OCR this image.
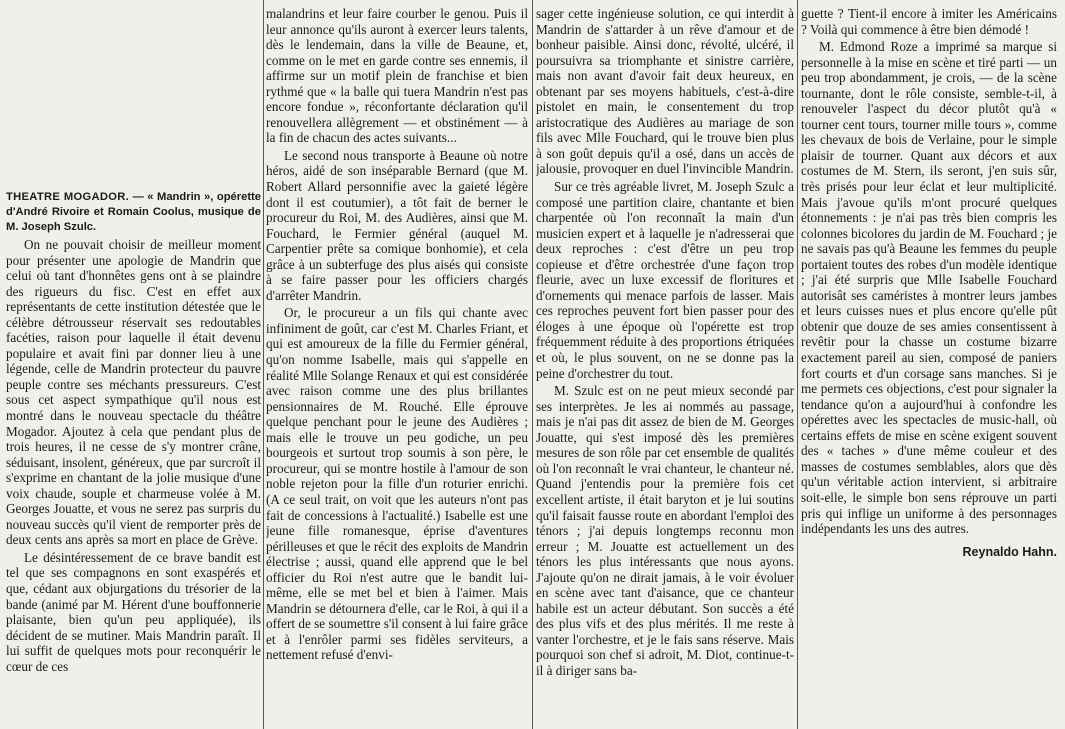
THEATRE MOGADOR. — « Mandrin », opérette d'André Rivoire et Romain Coolus, musique de M. Joseph Szulc.

On ne pouvait choisir de meilleur moment pour présenter une apologie de Mandrin que celui où tant d'honnêtes gens ont à se plaindre des rigueurs du fisc. C'est en effet aux représentants de cette institution détestée que le célèbre détrousseur réservait ses redoutables facéties, raison pour laquelle il était devenu populaire et avait fini par donner lieu à une légende, celle de Mandrin protecteur du pauvre peuple contre ses méchants pressureurs. C'est sous cet aspect sympathique qu'il nous est montré dans le nouveau spectacle du théâtre Mogador. Ajoutez à cela que pendant plus de trois heures, il ne cesse de s'y montrer crâne, séduisant, insolent, généreux, que par surcroît il s'exprime en chantant de la jolie musique d'une voix chaude, souple et charmeuse volée à M. Georges Jouatte, et vous ne serez pas surpris du nouveau succès qu'il vient de remporter près de deux cents ans après sa mort en place de Grève.

Le désintéressement de ce brave bandit est tel que ses compagnons en sont exaspérés et que, cédant aux objurgations du trésorier de la bande (animé par M. Hérent d'une bouffonnerie plaisante, bien qu'un peu appliquée), ils décident de se mutiner. Mais Mandrin paraît. Il lui suffit de quelques mots pour reconquérir le cœur de ces

malandrins et leur faire courber le genou. Puis il leur annonce qu'ils auront à exercer leurs talents, dès le lendemain, dans la ville de Beaune, et, comme on le met en garde contre ses ennemis, il affirme sur un motif plein de franchise et bien rythmé que « la balle qui tuera Mandrin n'est pas encore fondue », réconfortante déclaration qu'il renouvellera allègrement — et obstinément — à la fin de chacun des actes suivants...

Le second nous transporte à Beaune où notre héros, aidé de son inséparable Bernard (que M. Robert Allard personnifie avec la gaieté légère dont il est coutumier), a tôt fait de berner le procureur du Roi, M. des Audières, ainsi que M. Fouchard, le Fermier général (auquel M. Carpentier prête sa comique bonhomie), et cela grâce à un subterfuge des plus aisés qui consiste à se faire passer pour les officiers chargés d'arrêter Mandrin.

Or, le procureur a un fils qui chante avec infiniment de goût, car c'est M. Charles Friant, et qui est amoureux de la fille du Fermier général, qu'on nomme Isabelle, mais qui s'appelle en réalité Mlle Solange Renaux et qui est considérée avec raison comme une des plus brillantes pensionnaires de M. Rouché. Elle éprouve quelque penchant pour le jeune des Audières ; mais elle le trouve un peu godiche, un peu bourgeois et surtout trop soumis à son père, le procureur, qui se montre hostile à l'amour de son noble rejeton pour la fille d'un roturier enrichi. (A ce seul trait, on voit que les auteurs n'ont pas fait de concessions à l'actualité.) Isabelle est une jeune fille romanesque, éprise d'aventures périlleuses et que le récit des exploits de Mandrin électrise ; aussi, quand elle apprend que le bel officier du Roi n'est autre que le bandit lui-même, elle se met bel et bien à l'aimer. Mais Mandrin se détournera d'elle, car le Roi, à qui il a offert de se soumettre s'il consent à lui faire grâce et à l'enrôler parmi ses fidèles serviteurs, a nettement refusé d'envi-

sager cette ingénieuse solution, ce qui interdit à Mandrin de s'attarder à un rêve d'amour et de bonheur paisible. Ainsi donc, révolté, ulcéré, il poursuivra sa triomphante et sinistre carrière, mais non avant d'avoir fait deux heureux, en obtenant par ses moyens habituels, c'est-à-dire pistolet en main, le consentement du trop aristocratique des Audières au mariage de son fils avec Mlle Fouchard, qui le trouve bien plus à son goût depuis qu'il a osé, dans un accès de jalousie, provoquer en duel l'invincible Mandrin.

Sur ce très agréable livret, M. Joseph Szulc a composé une partition claire, chantante et bien charpentée où l'on reconnaît la main d'un musicien expert et à laquelle je n'adresserai que deux reproches : c'est d'être un peu trop copieuse et d'être orchestrée d'une façon trop fleurie, avec un luxe excessif de floritures et d'ornements qui menace parfois de lasser. Mais ces reproches peuvent fort bien passer pour des éloges à une époque où l'opérette est trop fréquemment réduite à des proportions étriquées et où, le plus souvent, on ne se donne pas la peine d'orchestrer du tout.

M. Szulc est on ne peut mieux secondé par ses interprètes. Je les ai nommés au passage, mais je n'ai pas dit assez de bien de M. Georges Jouatte, qui s'est imposé dès les premières mesures de son rôle par cet ensemble de qualités où l'on reconnaît le vrai chanteur, le chanteur né. Quand j'entendis pour la première fois cet excellent artiste, il était baryton et je lui soutins qu'il faisait fausse route en abordant l'emploi des ténors ; j'ai depuis longtemps reconnu mon erreur ; M. Jouatte est actuellement un des ténors les plus intéressants que nous ayons. J'ajoute qu'on ne dirait jamais, à le voir évoluer en scène avec tant d'aisance, que ce chanteur habile est un acteur débutant. Son succès a été des plus vifs et des plus mérités. Il me reste à vanter l'orchestre, et je le fais sans réserve. Mais pourquoi son chef si adroit, M. Diot, continue-t-il à diriger sans ba-

guette ? Tient-il encore à imiter les Américains ? Voilà qui commence à être bien démodé !

M. Edmond Roze a imprimé sa marque si personnelle à la mise en scène et tiré parti — un peu trop abondamment, je crois, — de la scène tournante, dont le rôle consiste, semble-t-il, à renouveler l'aspect du décor plutôt qu'à « tourner cent tours, tourner mille tours », comme les chevaux de bois de Verlaine, pour le simple plaisir de tourner. Quant aux décors et aux costumes de M. Stern, ils seront, j'en suis sûr, très prisés pour leur éclat et leur multiplicité. Mais j'avoue qu'ils m'ont procuré quelques étonnements : je n'ai pas très bien compris les colonnes bicolores du jardin de M. Fouchard ; je ne savais pas qu'à Beaune les femmes du peuple portaient toutes des robes d'un modèle identique ; j'ai été surpris que Mlle Isabelle Fouchard autorisât ses caméristes à montrer leurs jambes et leurs cuisses nues et plus encore qu'elle pût obtenir que douze de ses amies consentissent à revêtir pour la chasse un costume bizarre exactement pareil au sien, composé de paniers fort courts et d'un corsage sans manches. Si je me permets ces objections, c'est pour signaler la tendance qu'on a aujourd'hui à confondre les opérettes avec les spectacles de music-hall, où certains effets de mise en scène exigent souvent des « taches » d'une même couleur et des masses de costumes semblables, alors que dès qu'un véritable action intervient, si arbitraire soit-elle, le simple bon sens réprouve un parti pris qui inflige un uniforme à des personnages indépendants les uns des autres.

Reynaldo Hahn.
